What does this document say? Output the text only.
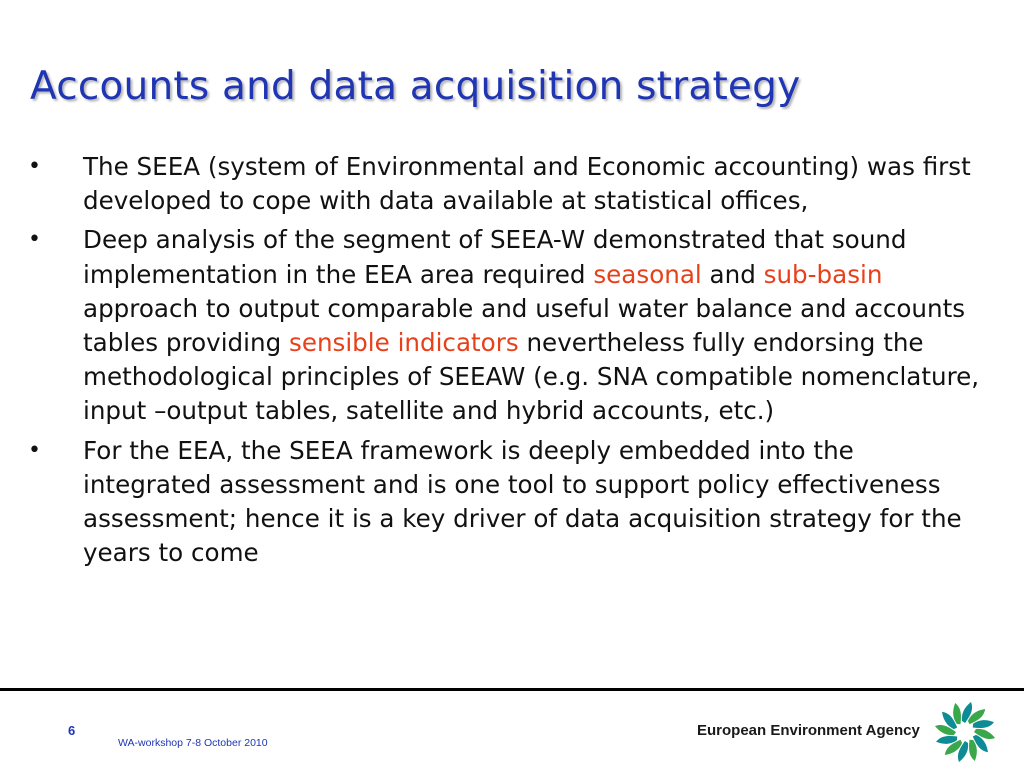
Accounts and data acquisition strategy
• The SEEA (system of Environmental and Economic accounting) was first developed to cope with data available at statistical offices,
• Deep analysis of the segment of SEEA-W demonstrated that sound implementation in the EEA area required seasonal and sub-basin approach to output comparable and useful water balance and accounts tables providing sensible indicators nevertheless fully endorsing the methodological principles of SEEAW (e.g. SNA compatible nomenclature, input –output tables, satellite and hybrid accounts, etc.)
• For the EEA, the SEEA framework is deeply embedded into the integrated assessment and is one tool to support policy effectiveness assessment; hence it is a key driver of data acquisition strategy for the years to come
6
WA-workshop 7-8 October 2010
European Environment Agency
